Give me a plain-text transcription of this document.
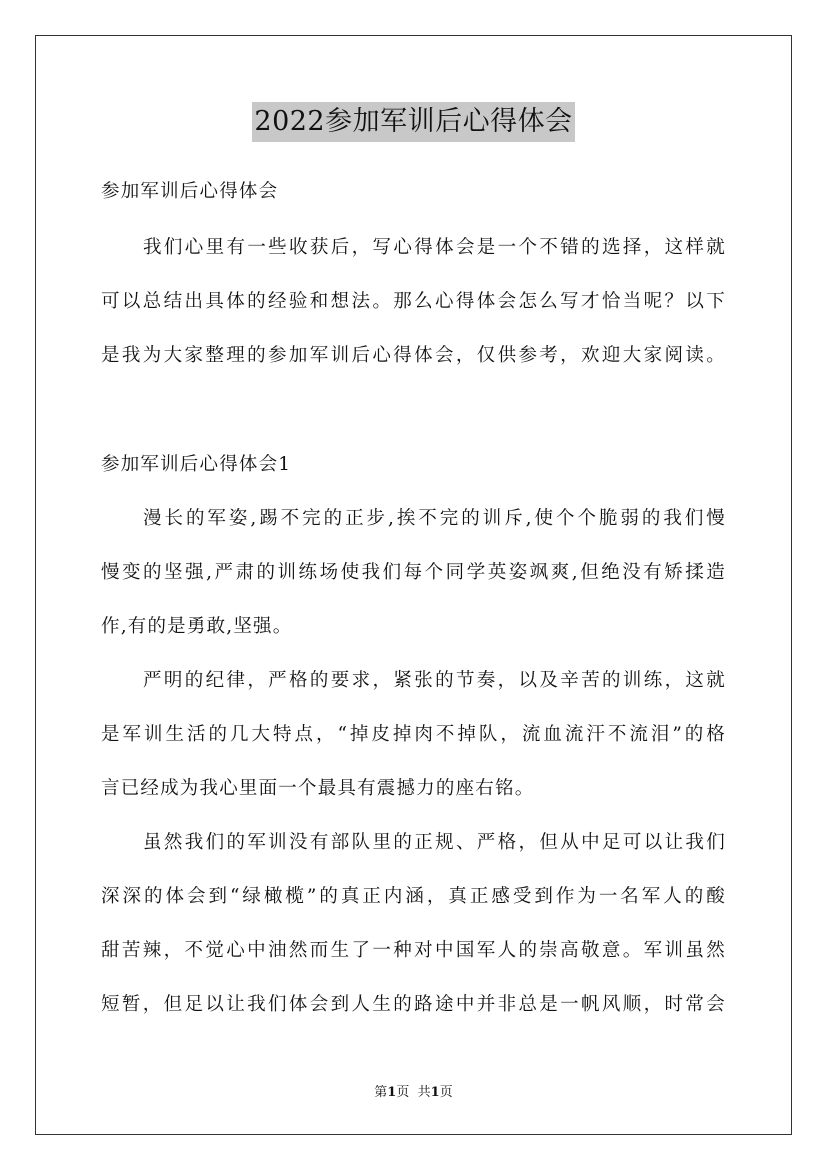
2022参加军训后心得体会
参加军训后心得体会
我们心里有一些收获后，写心得体会是一个不错的选择，这样就
可以总结出具体的经验和想法。那么心得体会怎么写才恰当呢？以下
是我为大家整理的参加军训后心得体会，仅供参考，欢迎大家阅读。
参加军训后心得体会1
漫长的军姿,踢不完的正步,挨不完的训斥,使个个脆弱的我们慢
慢变的坚强,严肃的训练场使我们每个同学英姿飒爽,但绝没有矫揉造
作,有的是勇敢,坚强。
严明的纪律，严格的要求，紧张的节奏，以及辛苦的训练，这就
是军训生活的几大特点，“掉皮掉肉不掉队，流血流汗不流泪”的格
言已经成为我心里面一个最具有震撼力的座右铭。
虽然我们的军训没有部队里的正规、严格，但从中足可以让我们
深深的体会到“绿橄榄”的真正内涵，真正感受到作为一名军人的酸
甜苦辣，不觉心中油然而生了一种对中国军人的崇高敬意。军训虽然
短暂，但足以让我们体会到人生的路途中并非总是一帆风顺，时常会
第1页 共1页
